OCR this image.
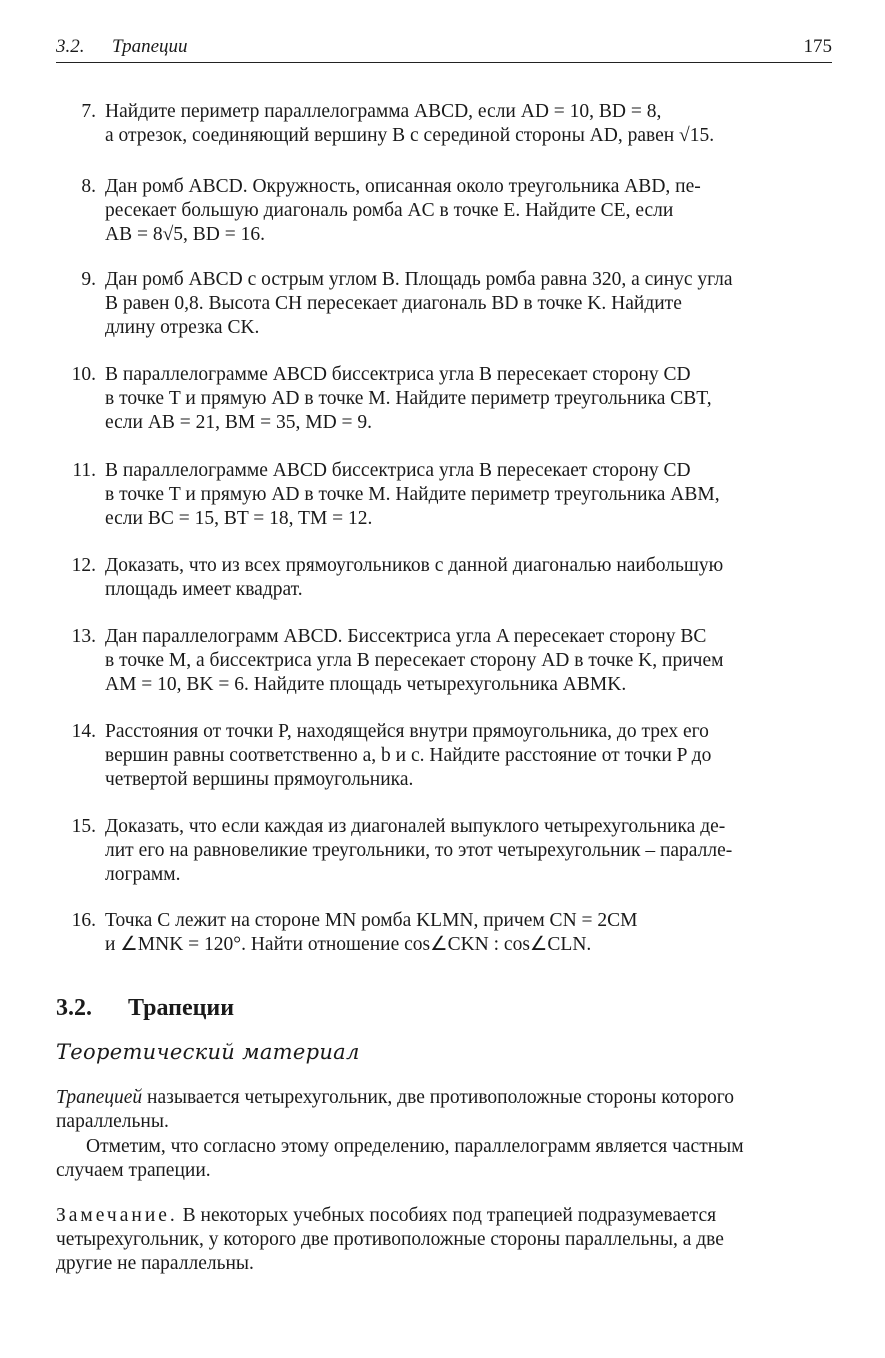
3.2. Трапеции	175
7. Найдите периметр параллелограмма ABCD, если AD = 10, BD = 8,
а отрезок, соединяющий вершину B с серединой стороны AD, равен √15.
8. Дан ромб ABCD. Окружность, описанная около треугольника ABD, пе-
ресекает большую диагональ ромба AC в точке E. Найдите CE, если
AB = 8√5, BD = 16.
9. Дан ромб ABCD с острым углом B. Площадь ромба равна 320, а синус угла
B равен 0,8. Высота CH пересекает диагональ BD в точке K. Найдите
длину отрезка CK.
10. В параллелограмме ABCD биссектриса угла B пересекает сторону CD
в точке T и прямую AD в точке M. Найдите периметр треугольника CBT,
если AB = 21, BM = 35, MD = 9.
11. В параллелограмме ABCD биссектриса угла B пересекает сторону CD
в точке T и прямую AD в точке M. Найдите периметр треугольника ABM,
если BC = 15, BT = 18, TM = 12.
12. Доказать, что из всех прямоугольников с данной диагональю наибольшую
площадь имеет квадрат.
13. Дан параллелограмм ABCD. Биссектриса угла A пересекает сторону BC
в точке M, а биссектриса угла B пересекает сторону AD в точке K, причем
AM = 10, BK = 6. Найдите площадь четырехугольника ABMK.
14. Расстояния от точки P, находящейся внутри прямоугольника, до трех его
вершин равны соответственно a, b и c. Найдите расстояние от точки P до
четвертой вершины прямоугольника.
15. Доказать, что если каждая из диагоналей выпуклого четырехугольника де-
лит его на равновеликие треугольники, то этот четырехугольник – паралле-
лограмм.
16. Точка C лежит на стороне MN ромба KLMN, причем CN = 2CM
и ∠MNK = 120°. Найти отношение cos∠CKN : cos∠CLN.
3.2. Трапеции
Теоретический материал
Трапецией называется четырехугольник, две противоположные стороны которого
параллельны.
Отметим, что согласно этому определению, параллелограмм является частным
случаем трапеции.
Замечание. В некоторых учебных пособиях под трапецией подразумевается
четырехугольник, у которого две противоположные стороны параллельны, а две
другие не параллельны.
